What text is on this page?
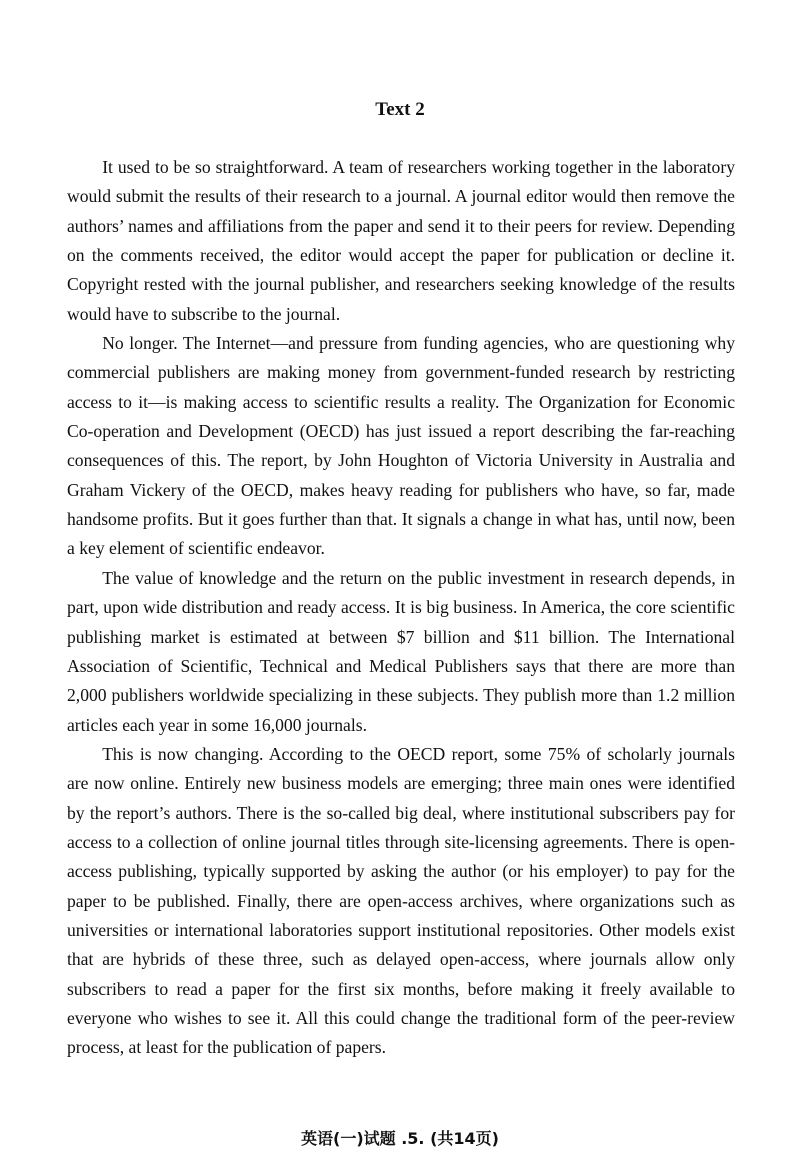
Text 2

It used to be so straightforward. A team of researchers working together in the laboratory would submit the results of their research to a journal. A journal editor would then remove the authors’ names and affiliations from the paper and send it to their peers for review. Depending on the comments received, the editor would accept the paper for publication or decline it. Copyright rested with the journal publisher, and researchers seeking knowledge of the results would have to subscribe to the journal.

No longer. The Internet—and pressure from funding agencies, who are questioning why commercial publishers are making money from government-funded research by restricting access to it—is making access to scientific results a reality. The Organization for Economic Co-operation and Development (OECD) has just issued a report describing the far-reaching consequences of this. The report, by John Houghton of Victoria University in Australia and Graham Vickery of the OECD, makes heavy reading for publishers who have, so far, made handsome profits. But it goes further than that. It signals a change in what has, until now, been a key element of scientific endeavor.

The value of knowledge and the return on the public investment in research depends, in part, upon wide distribution and ready access. It is big business. In America, the core scientific publishing market is estimated at between $7 billion and $11 billion. The International Association of Scientific, Technical and Medical Publishers says that there are more than 2,000 publishers worldwide specializing in these subjects. They publish more than 1.2 million articles each year in some 16,000 journals.

This is now changing. According to the OECD report, some 75% of scholarly journals are now online. Entirely new business models are emerging; three main ones were identified by the report’s authors. There is the so-called big deal, where institutional subscribers pay for access to a collection of online journal titles through site-licensing agreements. There is open-access publishing, typically supported by asking the author (or his employer) to pay for the paper to be published. Finally, there are open-access archives, where organizations such as universities or international laboratories support institutional repositories. Other models exist that are hybrids of these three, such as delayed open-access, where journals allow only subscribers to read a paper for the first six months, before making it freely available to everyone who wishes to see it. All this could change the traditional form of the peer-review process, at least for the publication of papers.

英语(一)试题 .5. (共14页)
